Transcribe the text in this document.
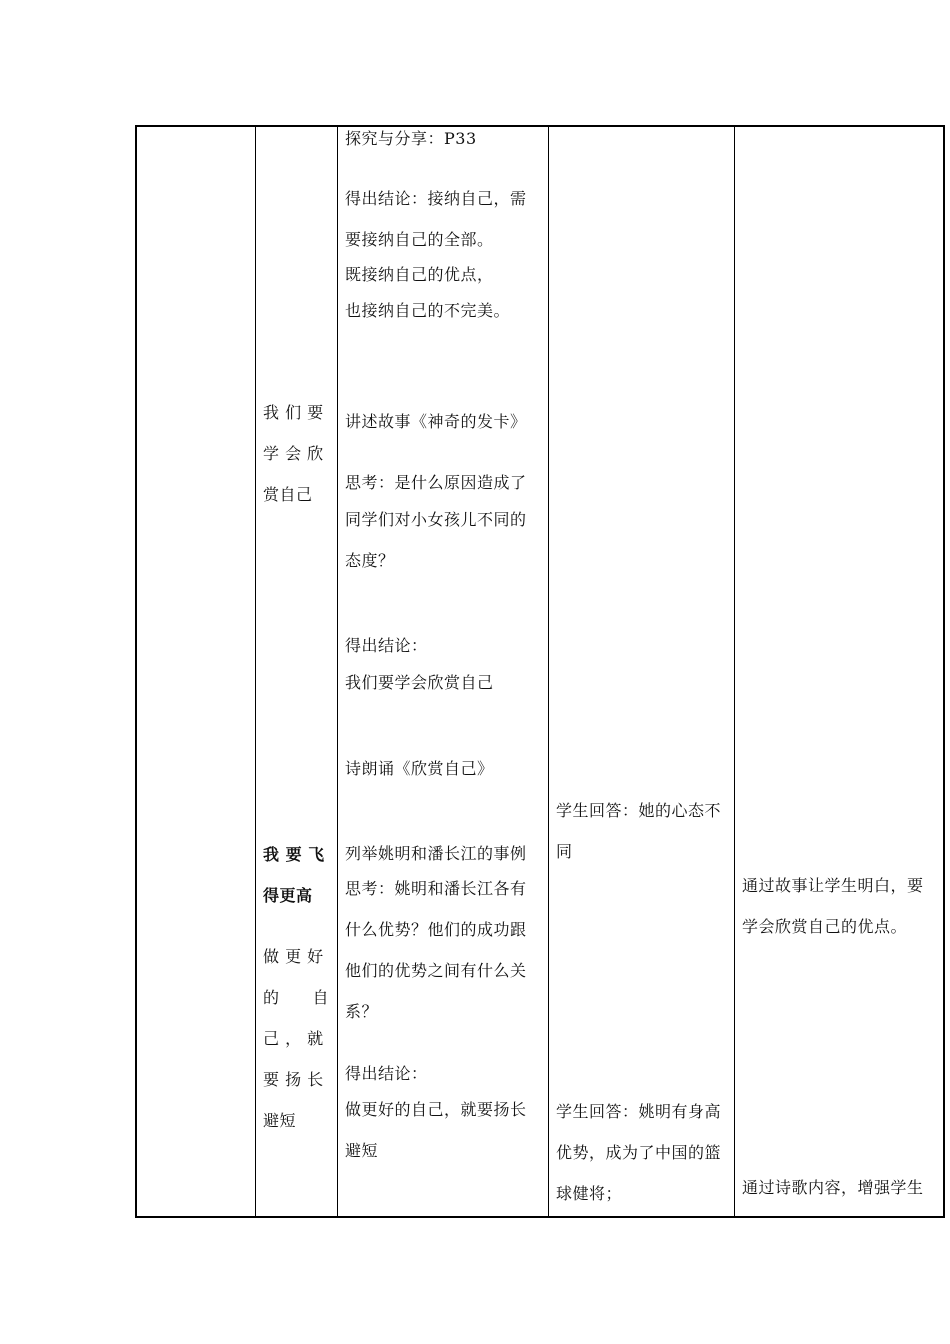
我 们 要
学 会 欣
赏自己
我 要 飞
得更高
做 更 好
的　　自
己 ， 就
要 扬 长
避短
探究与分享：P33
得出结论：接纳自己，需
要接纳自己的全部。
既接纳自己的优点，
也接纳自己的不完美。
讲述故事《神奇的发卡》
思考：是什么原因造成了
同学们对小女孩儿不同的
态度？
得出结论：
我们要学会欣赏自己
诗朗诵《欣赏自己》
列举姚明和潘长江的事例
思考：姚明和潘长江各有
什么优势？他们的成功跟
他们的优势之间有什么关
系？
得出结论：
做更好的自己，就要扬长
避短
学生回答：她的心态不
同
学生回答：姚明有身高
优势，成为了中国的篮
球健将；
通过故事让学生明白，要
学会欣赏自己的优点。
通过诗歌内容，增强学生
